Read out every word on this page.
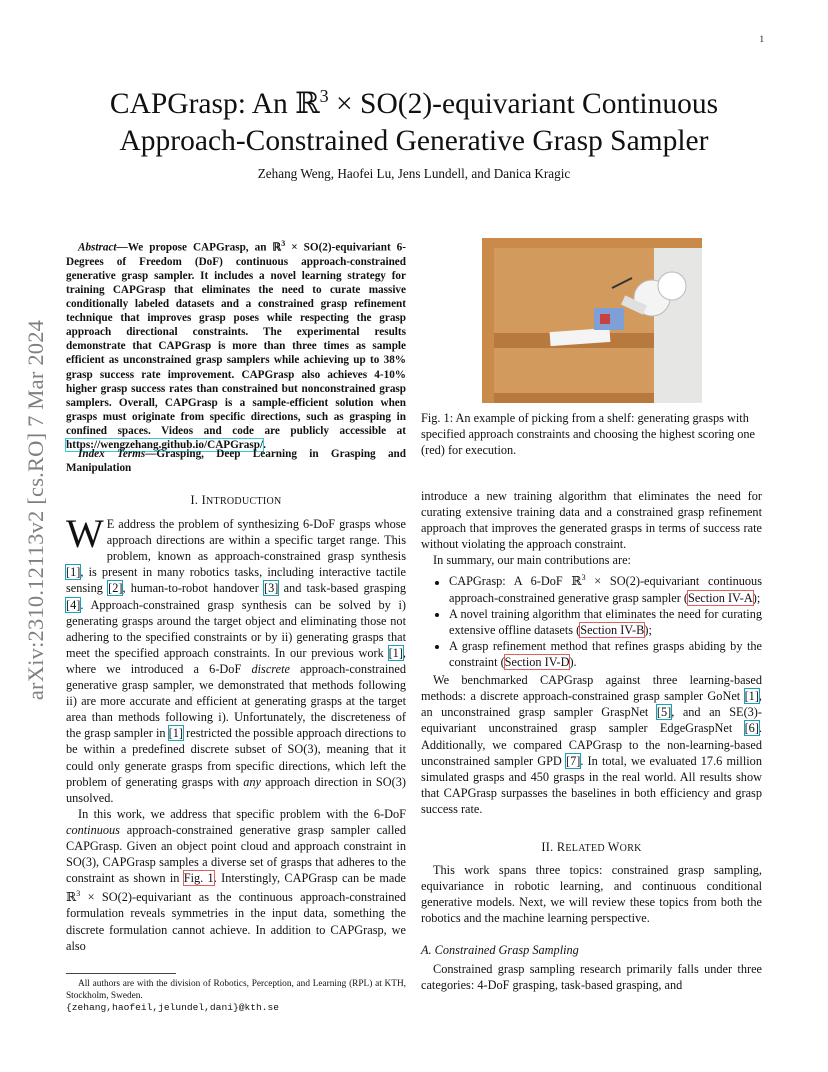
1
arXiv:2310.12113v2 [cs.RO] 7 Mar 2024
CAPGrasp: An ℝ$^3$ × SO(2)-equivariant Continuous
Approach-Constrained Generative Grasp Sampler
Zehang Weng, Haofei Lu, Jens Lundell, and Danica Kragic

Abstract—We propose CAPGrasp, an ℝ$^3$ × SO(2)-equivariant 6-Degrees of Freedom (DoF) continuous approach-constrained generative grasp sampler. It includes a novel learning strategy for training CAPGrasp that eliminates the need to curate massive conditionally labeled datasets and a constrained grasp refinement technique that improves grasp poses while respecting the grasp approach directional constraints. The experimental results demonstrate that CAPGrasp is more than three times as sample efficient as unconstrained grasp samplers while achieving up to 38% grasp success rate improvement. CAPGrasp also achieves 4-10% higher grasp success rates than constrained but nonconstrained grasp samplers. Overall, CAPGrasp is a sample-efficient solution when grasps must originate from specific directions, such as grasping in confined spaces. Videos and code are publicly accessible at https://wengzehang.github.io/CAPGrasp/.

Index Terms—Grasping, Deep Learning in Grasping and Manipulation

I. INTRODUCTION

W E address the problem of synthesizing 6-DoF grasps whose approach directions are within a specific target range. This problem, known as approach-constrained grasp synthesis [1], is present in many robotics tasks, including interactive tactile sensing [2], human-to-robot handover [3] and task-based grasping [4]. Approach-constrained grasp synthesis can be solved by i) generating grasps around the target object and eliminating those not adhering to the specified constraints or by ii) generating grasps that meet the specified approach constraints. In our previous work [1], where we introduced a 6-DoF discrete approach-constrained generative grasp sampler, we demonstrated that methods following ii) are more accurate and efficient at generating grasps at the target area than methods following i). Unfortunately, the discreteness of the grasp sampler in [1] restricted the possible approach directions to be within a predefined discrete subset of SO(3), meaning that it could only generate grasps from specific directions, which left the problem of generating grasps with any approach direction in SO(3) unsolved.

In this work, we address that specific problem with the 6-DoF continuous approach-constrained generative grasp sampler called CAPGrasp. Given an object point cloud and approach constraint in SO(3), CAPGrasp samples a diverse set of grasps that adheres to the constraint as shown in Fig. 1. Interstingly, CAPGrasp can be made ℝ$^3$ × SO(2)-equivariant as the continuous approach-constrained formulation reveals symmetries in the input data, something the discrete formulation cannot achieve. In addition to CAPGrasp, we also

All authors are with the division of Robotics, Perception, and Learning (RPL) at KTH, Stockholm, Sweden.
{zehang,haofeil,jelundel,dani}@kth.se
Fig. 1: An example of picking from a shelf: generating grasps with specified approach constraints and choosing the highest scoring one (red) for execution.

introduce a new training algorithm that eliminates the need for curating extensive training data and a constrained grasp refinement approach that improves the generated grasps in terms of success rate without violating the approach constraint.

In summary, our main contributions are:

• CAPGrasp: A 6-DoF ℝ$^3$ × SO(2)-equivariant continuous approach-constrained generative grasp sampler (Section IV-A);
• A novel training algorithm that eliminates the need for curating extensive offline datasets (Section IV-B);
• A grasp refinement method that refines grasps abiding by the constraint (Section IV-D).

We benchmarked CAPGrasp against three learning-based methods: a discrete approach-constrained grasp sampler GoNet [1], an unconstrained grasp sampler GraspNet [5], and an SE(3)-equivariant unconstrained grasp sampler EdgeGraspNet [6]. Additionally, we compared CAPGrasp to the non-learning-based unconstrained sampler GPD [7]. In total, we evaluated 17.6 million simulated grasps and 450 grasps in the real world. All results show that CAPGrasp surpasses the baselines in both efficiency and grasp success rate.

II. RELATED WORK

This work spans three topics: constrained grasp sampling, equivariance in robotic learning, and continuous conditional generative models. Next, we will review these topics from both the robotics and the machine learning perspective.

A. Constrained Grasp Sampling

Constrained grasp sampling research primarily falls under three categories: 4-DoF grasping, task-based grasping, and
